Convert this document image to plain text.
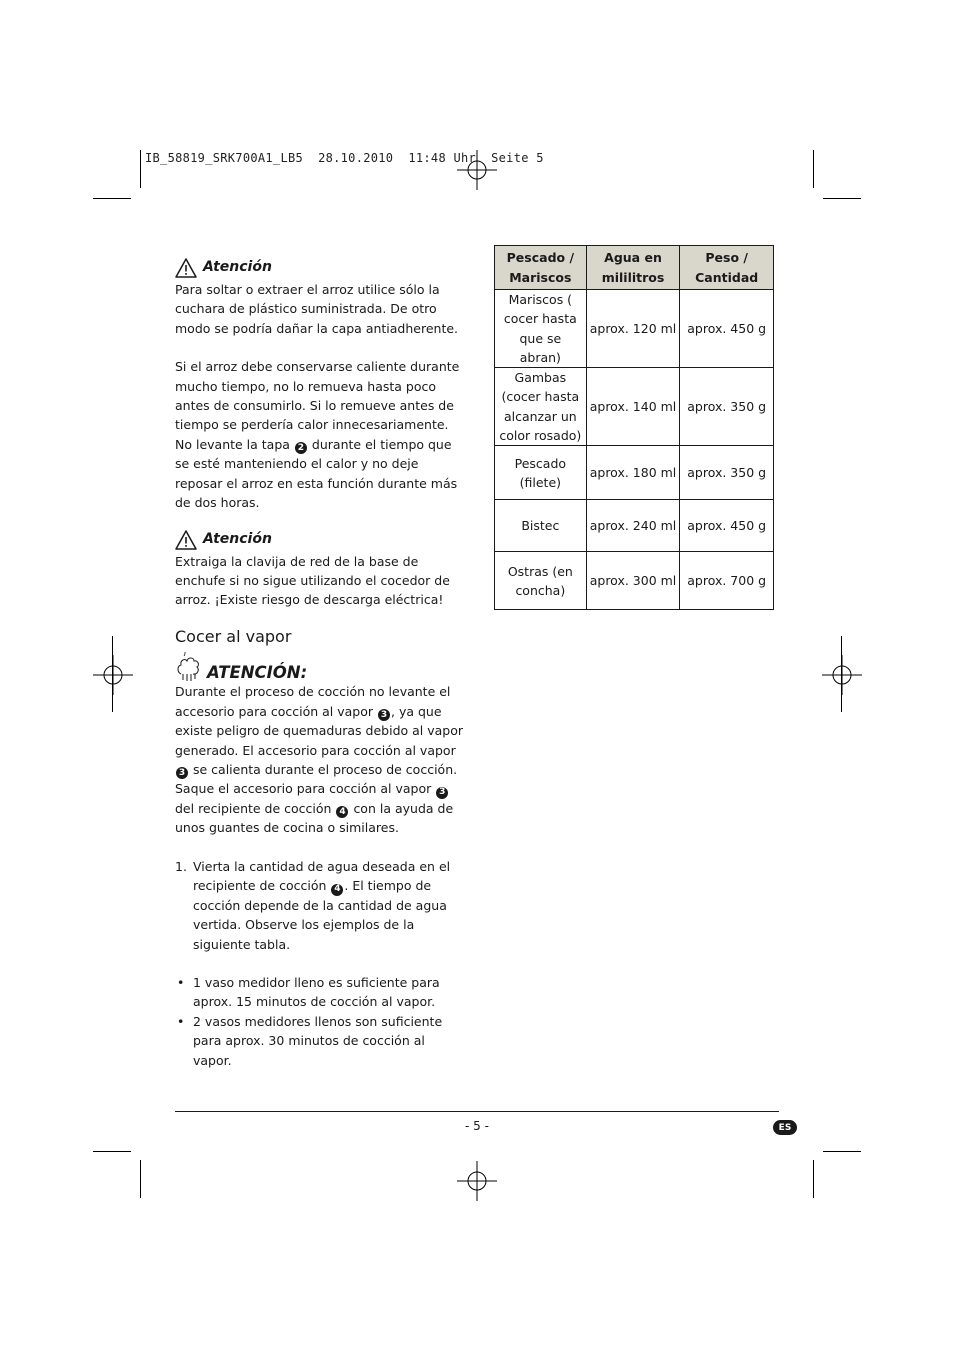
IB_58819_SRK700A1_LB5  28.10.2010  11:48 Uhr  Seite 5
Atención

Para soltar o extraer el arroz utilice sólo la cuchara de plástico suministrada. De otro modo se podría dañar la capa antiadherente.

Si el arroz debe conservarse caliente durante mucho tiempo, no lo remueva hasta poco antes de consumirlo. Si lo remueve antes de tiempo se perdería calor innecesariamente. No levante la tapa 2 durante el tiempo que se esté manteniendo el calor y no deje reposar el arroz en esta función durante más de dos horas.

Atención

Extraiga la clavija de red de la base de enchufe si no sigue utilizando el cocedor de arroz. ¡Existe riesgo de descarga eléctrica!

Cocer al vapor
ATENCIÓN:

Durante el proceso de cocción no levante el accesorio para cocción al vapor 3 , ya que existe peligro de quemaduras debido al vapor generado. El accesorio para cocción al vapor 3 se calienta durante el proceso de cocción. Saque el accesorio para cocción al vapor 3 del recipiente de cocción 4 con la ayuda de unos guantes de cocina o similares.

1. Vierta la cantidad de agua deseada en el recipiente de cocción 4 . El tiempo de cocción depende de la cantidad de agua vertida. Observe los ejemplos de la siguiente tabla.
• 1 vaso medidor lleno es suficiente para aprox. 15 minutos de cocción al vapor.
• 2 vasos medidores llenos son suficiente para aprox. 30 minutos de cocción al vapor.
Pescado / Mariscos	Agua en mililitros	Peso / Cantidad
Mariscos ( cocer hasta que se abran)	aprox. 120 ml	aprox. 450 g
Gambas (cocer hasta alcanzar un color rosado)	aprox. 140 ml	aprox. 350 g
Pescado (filete)	aprox. 180 ml	aprox. 350 g
Bistec	aprox. 240 ml	aprox. 450 g
Ostras (en concha)	aprox. 300 ml	aprox. 700 g
- 5 -	ES
